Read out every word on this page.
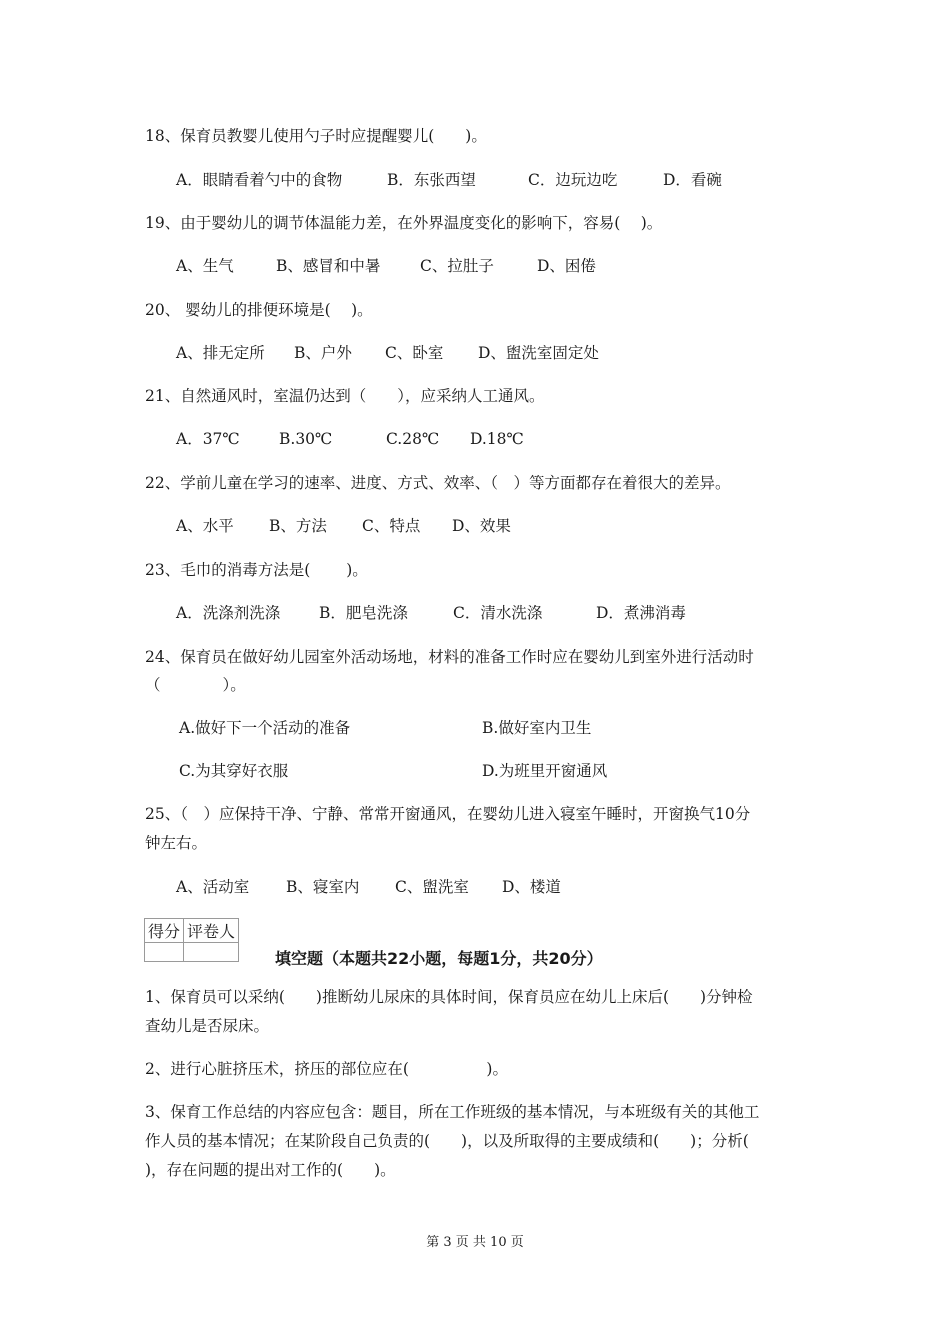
18、保育员教婴儿使用勺子时应提醒婴儿(　　)。
A．眼睛看着勺中的食物	B．东张西望	C．边玩边吃	D．看碗
19、由于婴幼儿的调节体温能力差，在外界温度变化的影响下，容易(　 )。
A、生气	B、感冒和中暑	C、拉肚子	D、困倦
20、 婴幼儿的排便环境是(　 )。
A、排无定所 B、户外 C、卧室 D、盥洗室固定处
21、自然通风时，室温仍达到（　　），应采纳人工通风。
A．37℃	B.30℃	C.28℃ D.18℃
22、学前儿童在学习的速率、进度、方式、效率、（　）等方面都存在着很大的差异。
A、水平 B、方法 C、特点 D、效果
23、毛巾的消毒方法是(　　 )。
A．洗涤剂洗涤	B．肥皂洗涤	C．清水洗涤	D．煮沸消毒
24、保育员在做好幼儿园室外活动场地，材料的准备工作时应在婴幼儿到室外进行活动时
（　　　　）。
A.做好下一个活动的准备	B.做好室内卫生
C.为其穿好衣服	D.为班里开窗通风
25、（　）应保持干净、宁静、常常开窗通风，在婴幼儿进入寝室午睡时，开窗换气10分
钟左右。
A、活动室 B、寝室内 C、盥洗室 D、楼道
得分	评卷人

填空题（本题共22小题，每题1分，共20分）
1、保育员可以采纳(　　)推断幼儿尿床的具体时间，保育员应在幼儿上床后(　　)分钟检
查幼儿是否尿床。
2、进行心脏挤压术，挤压的部位应在(　　　　　)。
3、保育工作总结的内容应包含：题目，所在工作班级的基本情况，与本班级有关的其他工
作人员的基本情况；在某阶段自己负责的(　　)，以及所取得的主要成绩和(　　)；分析(
)，存在问题的提出对工作的(　　)。
第 3 页 共 10 页
